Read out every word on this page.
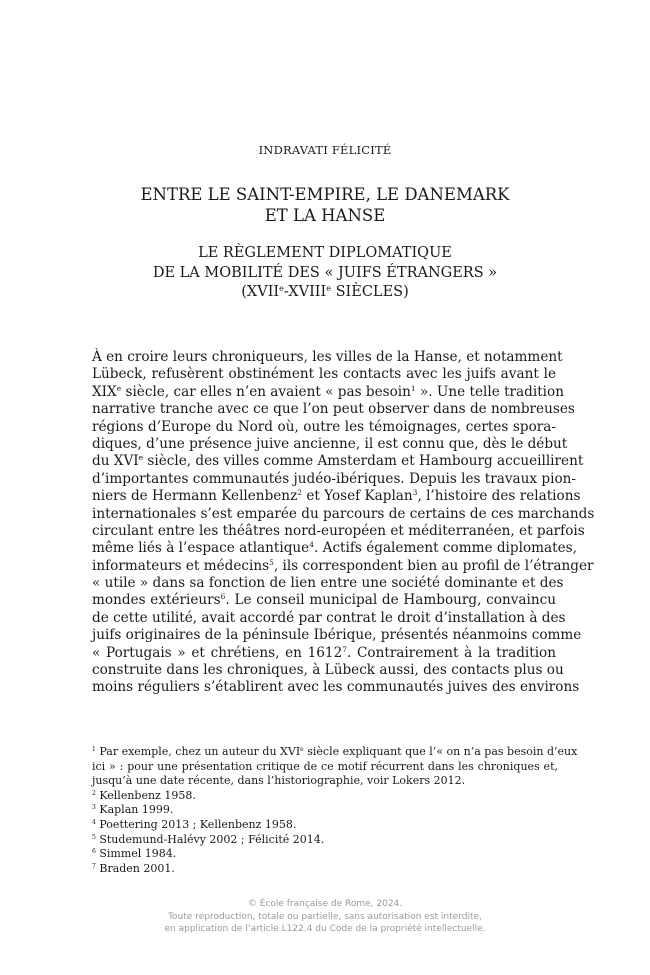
INDRAVATI FÉLICITÉ
ENTRE LE SAINT-EMPIRE, LE DANEMARK
ET LA HANSE
LE RÈGLEMENT DIPLOMATIQUE
DE LA MOBILITÉ DES « JUIFS ÉTRANGERS »
(XVIIe-XVIIIe SIÈCLES)
À en croire leurs chroniqueurs, les villes de la Hanse, et notamment
Lübeck, refusèrent obstinément les contacts avec les juifs avant le
XIXe siècle, car elles n’en avaient « pas besoin$^1$ ». Une telle tradition
narrative tranche avec ce que l’on peut observer dans de nombreuses
régions d’Europe du Nord où, outre les témoignages, certes spora-
diques, d’une présence juive ancienne, il est connu que, dès le début
du XVIe siècle, des villes comme Amsterdam et Hambourg accueillirent
d’importantes communautés judéo-ibériques. Depuis les travaux pion-
niers de Hermann Kellenbenz$^2$ et Yosef Kaplan$^3$, l’histoire des relations
internationales s’est emparée du parcours de certains de ces marchands
circulant entre les théâtres nord-européen et méditerranéen, et parfois
même liés à l’espace atlantique$^4$. Actifs également comme diplomates,
informateurs et médecins$^5$, ils correspondent bien au profil de l’étranger
« utile » dans sa fonction de lien entre une société dominante et des
mondes extérieurs$^6$. Le conseil municipal de Hambourg, convaincu
de cette utilité, avait accordé par contrat le droit d’installation à des
juifs originaires de la péninsule Ibérique, présentés néanmoins comme
« Portugais » et chrétiens, en 1612$^7$. Contrairement à la tradition
construite dans les chroniques, à Lübeck aussi, des contacts plus ou
moins réguliers s’établirent avec les communautés juives des environs
$^1$ Par exemple, chez un auteur du XVIe siècle expliquant que l’« on n’a pas besoin d’eux
ici » : pour une présentation critique de ce motif récurrent dans les chroniques et,
jusqu’à une date récente, dans l’historiographie, voir Lokers 2012.
$^2$ Kellenbenz 1958.
$^3$ Kaplan 1999.
$^4$ Poettering 2013 ; Kellenbenz 1958.
$^5$ Studemund-Halévy 2002 ; Félicité 2014.
$^6$ Simmel 1984.
$^7$ Braden 2001.
© École française de Rome, 2024.
Toute reproduction, totale ou partielle, sans autorisation est interdite,
en application de l’article L122.4 du Code de la propriété intellectuelle.
